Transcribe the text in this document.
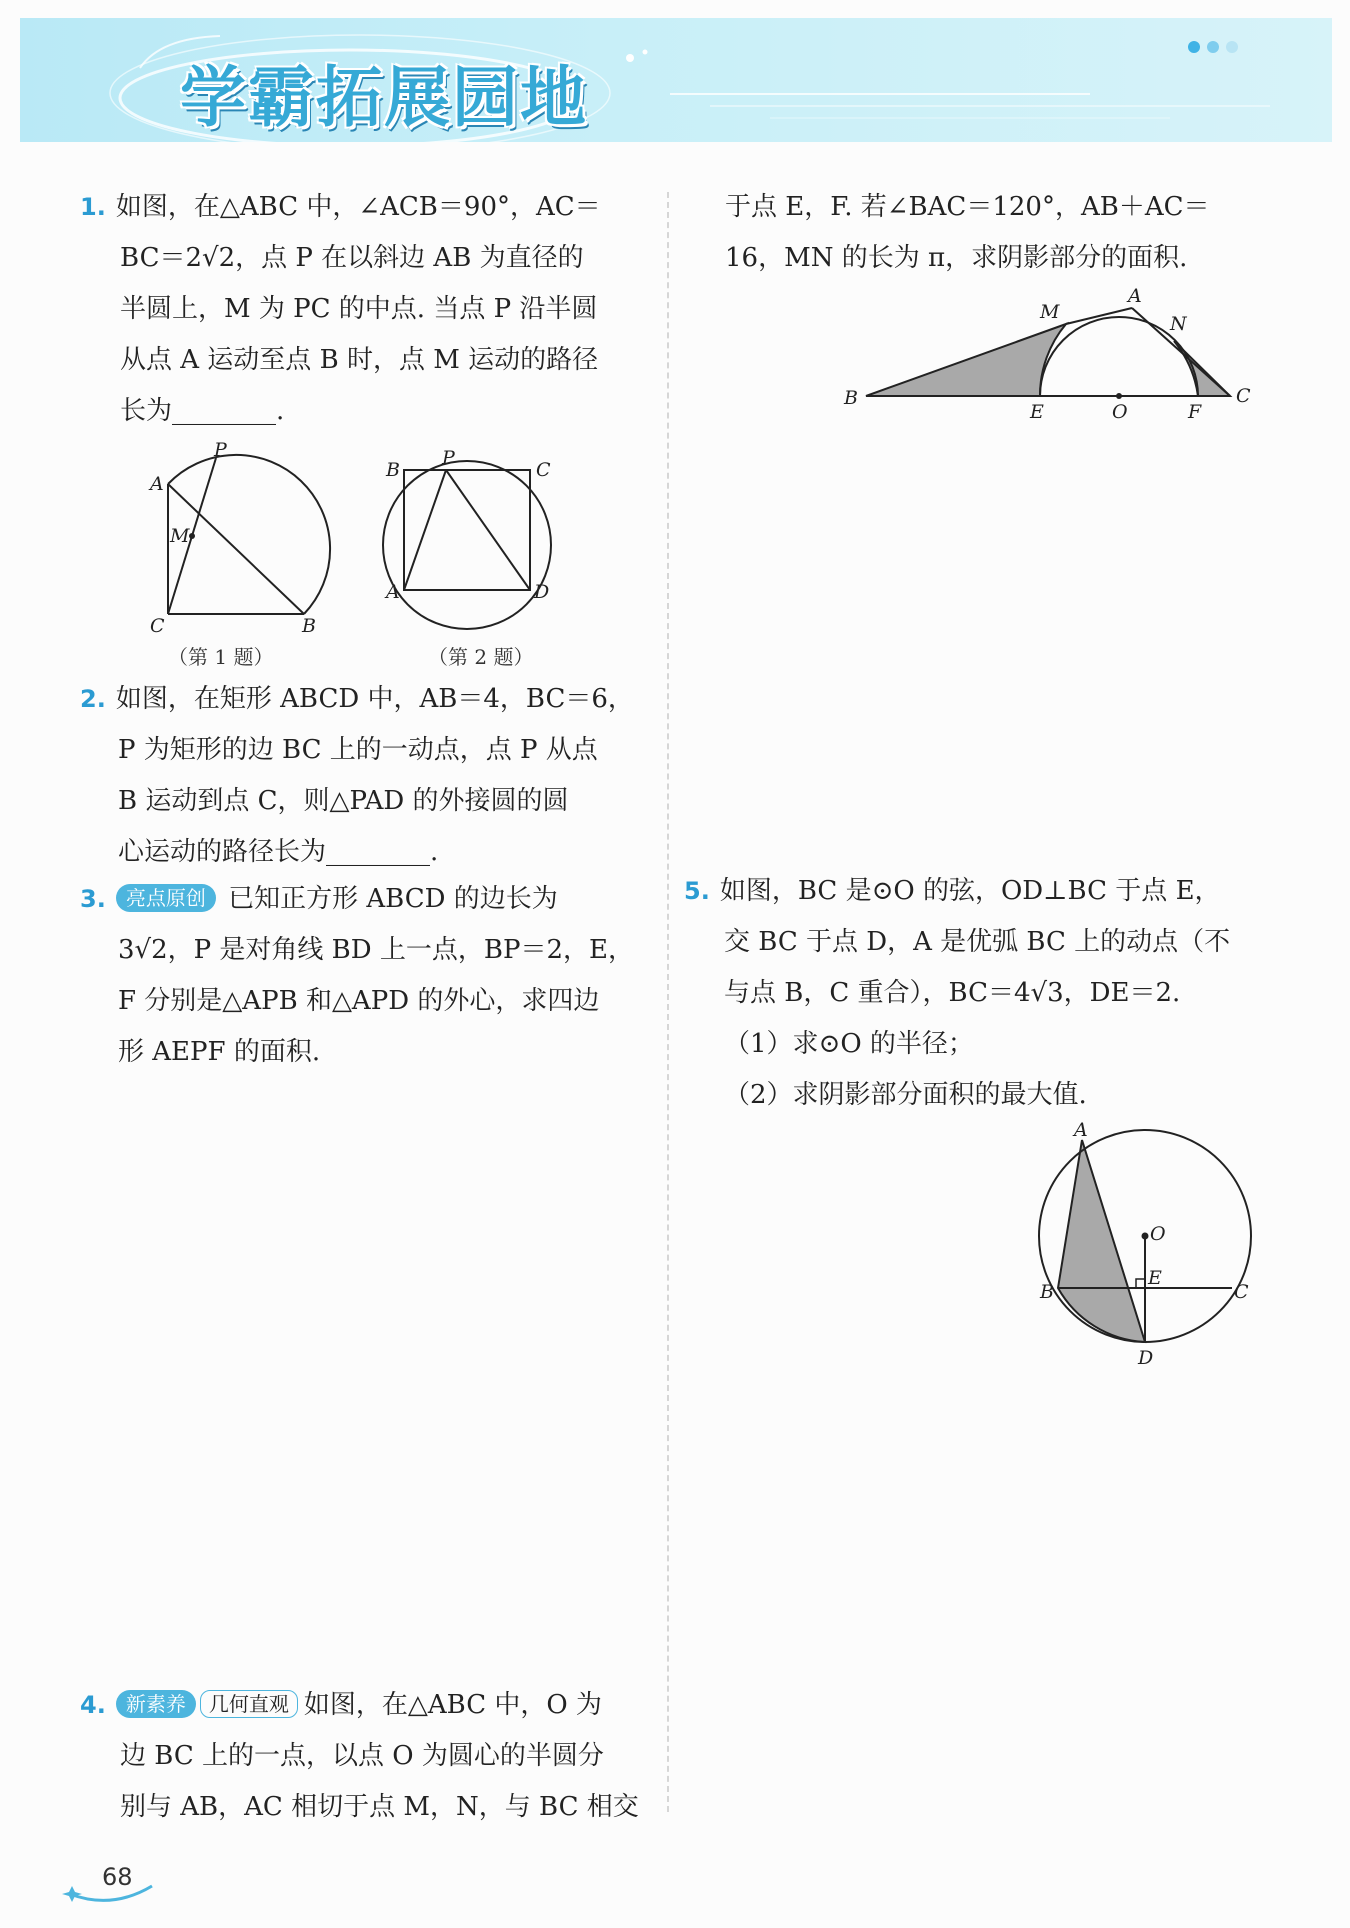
学霸拓展园地
1. 如图，在△ABC 中，∠ACB＝90°，AC＝
BC＝2√2，点 P 在以斜边 AB 为直径的
半圆上，M 为 PC 的中点. 当点 P 沿半圆
从点 A 运动至点 B 时，点 M 运动的路径
长为________.
A
P
M
C	B
（第 1 题）
B
P
C
A	D
（第 2 题）
2. 如图，在矩形 ABCD 中，AB＝4，BC＝6，
P 为矩形的边 BC 上的一动点，点 P 从点
B 运动到点 C，则△PAD 的外接圆的圆
心运动的路径长为________.
3. 亮点原创 已知正方形 ABCD 的边长为
3√2，P 是对角线 BD 上一点，BP＝2，E，
F 分别是△APB 和△APD 的外心，求四边
形 AEPF 的面积.
4. 新素养 几何直观 如图，在△ABC 中，O 为
边 BC 上的一点，以点 O 为圆心的半圆分
别与 AB，AC 相切于点 M，N，与 BC 相交
于点 E，F. 若∠BAC＝120°，AB＋AC＝
16，MN 的长为 π，求阴影部分的面积.
M
A
N
B
E	O	F
C
5. 如图，BC 是⊙O 的弦，OD⊥BC 于点 E，
交 BC 于点 D，A 是优弧 BC 上的动点（不
与点 B，C 重合），BC＝4√3，DE＝2.
（1）求⊙O 的半径；
（2）求阴影部分面积的最大值.
A
O
E
B	C
D
68
